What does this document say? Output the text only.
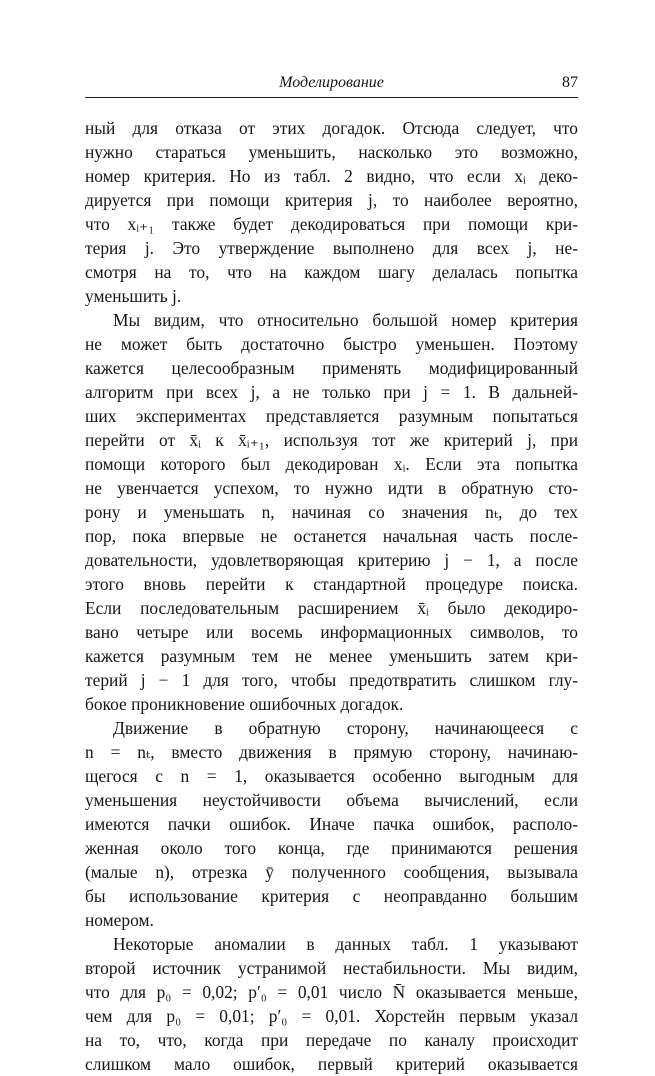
Моделирование	87
ный для отказа от этих догадок. Отсюда следует, что
нужно стараться уменьшить, насколько это возможно,
номер критерия. Но из табл. 2 видно, что если xᵢ деко-
дируется при помощи критерия j, то наиболее вероятно,
что xᵢ₊₁ также будет декодироваться при помощи кри-
терия j. Это утверждение выполнено для всех j, не-
смотря на то, что на каждом шагу делалась попытка
уменьшить j.
Мы видим, что относительно большой номер критерия
не может быть достаточно быстро уменьшен. Поэтому
кажется целесообразным применять модифицированный
алгоритм при всех j, а не только при j = 1. В дальней-
ших экспериментах представляется разумным попытаться
перейти от x̄ᵢ к x̄ᵢ₊₁, используя тот же критерий j, при
помощи которого был декодирован xᵢ. Если эта попытка
не увенчается успехом, то нужно идти в обратную сто-
рону и уменьшать n, начиная со значения nₜ, до тех
пор, пока впервые не останется начальная часть после-
довательности, удовлетворяющая критерию j − 1, а после
этого вновь перейти к стандартной процедуре поиска.
Если последовательным расширением x̄ᵢ было декодиро-
вано четыре или восемь информационных символов, то
кажется разумным тем не менее уменьшить затем кри-
терий j − 1 для того, чтобы предотвратить слишком глу-
бокое проникновение ошибочных догадок.
Движение в обратную сторону, начинающееся с
n = nₜ, вместо движения в прямую сторону, начинаю-
щегося с n = 1, оказывается особенно выгодным для
уменьшения неустойчивости объема вычислений, если
имеются пачки ошибок. Иначе пачка ошибок, располо-
женная около того конца, где принимаются решения
(малые n), отрезка ȳ полученного сообщения, вызывала
бы использование критерия с неоправданно большим
номером.
Некоторые аномалии в данных табл. 1 указывают
второй источник устранимой нестабильности. Мы видим,
что для p₀ = 0,02; p′₀ = 0,01 число N̄ оказывается меньше,
чем для p₀ = 0,01; p′₀ = 0,01. Хорстейн первым указал
на то, что, когда при передаче по каналу происходит
слишком мало ошибок, первый критерий оказывается
